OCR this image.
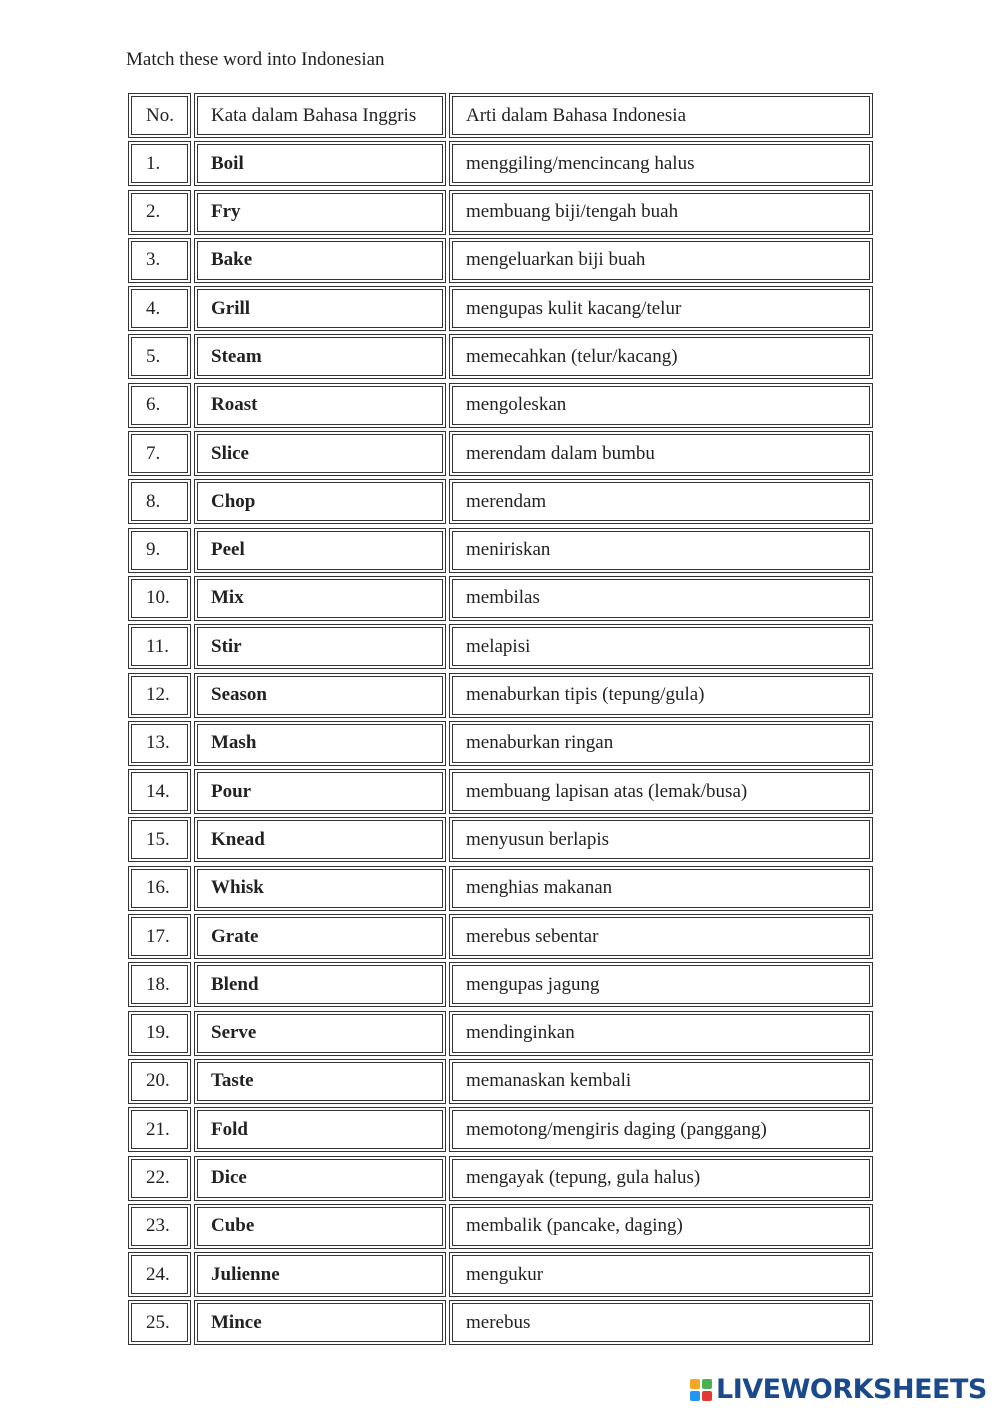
Match these word into Indonesian
No.	Kata dalam Bahasa Inggris	Arti dalam Bahasa Indonesia
1.	Boil	menggiling/mencincang halus
2.	Fry	membuang biji/tengah buah
3.	Bake	mengeluarkan biji buah
4.	Grill	mengupas kulit kacang/telur
5.	Steam	memecahkan (telur/kacang)
6.	Roast	mengoleskan
7.	Slice	merendam dalam bumbu
8.	Chop	merendam
9.	Peel	meniriskan
10.	Mix	membilas
11.	Stir	melapisi
12.	Season	menaburkan tipis (tepung/gula)
13.	Mash	menaburkan ringan
14.	Pour	membuang lapisan atas (lemak/busa)
15.	Knead	menyusun berlapis
16.	Whisk	menghias makanan
17.	Grate	merebus sebentar
18.	Blend	mengupas jagung
19.	Serve	mendinginkan
20.	Taste	memanaskan kembali
21.	Fold	memotong/mengiris daging (panggang)
22.	Dice	mengayak (tepung, gula halus)
23.	Cube	membalik (pancake, daging)
24.	Julienne	mengukur
25.	Mince	merebus
LIVEWORKSHEETS
